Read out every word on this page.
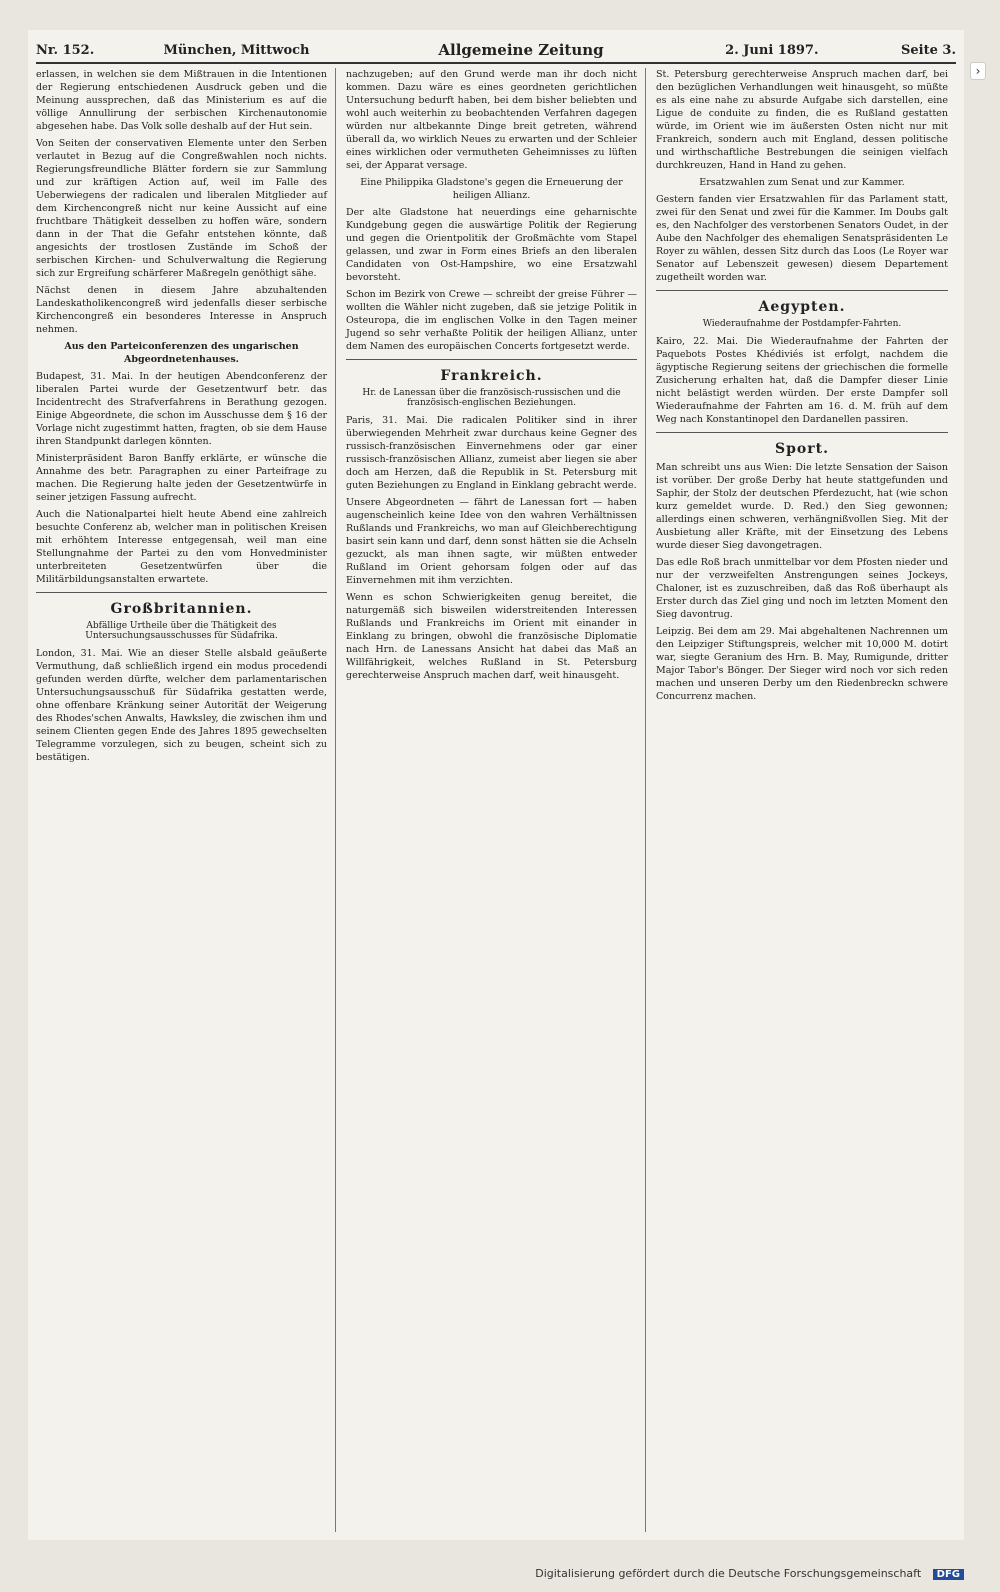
Nr. 152.	München, Mittwoch	Allgemeine Zeitung	2. Juni 1897.	Seite 3.
›

erlassen, in welchen sie dem Mißtrauen in die Intentionen der Regierung entschiedenen Ausdruck geben und die Meinung aussprechen, daß das Ministerium es auf die völlige Annullirung der serbischen Kirchenautonomie abgesehen habe. Das Volk solle deshalb auf der Hut sein.

Von Seiten der conservativen Elemente unter den Serben verlautet in Bezug auf die Congreßwahlen noch nichts. Regierungsfreundliche Blätter fordern sie zur Sammlung und zur kräftigen Action auf, weil im Falle des Ueberwiegens der radicalen und liberalen Mitglieder auf dem Kirchencongreß nicht nur keine Aussicht auf eine fruchtbare Thätigkeit desselben zu hoffen wäre, sondern dann in der That die Gefahr entstehen könnte, daß angesichts der trostlosen Zustände im Schoß der serbischen Kirchen- und Schulverwaltung die Regierung sich zur Ergreifung schärferer Maßregeln genöthigt sähe.

Nächst denen in diesem Jahre abzuhaltenden Landeskatholikencongreß wird jedenfalls dieser serbische Kirchencongreß ein besonderes Interesse in Anspruch nehmen.

Aus den Parteiconferenzen des ungarischen Abgeordnetenhauses.

Budapest, 31. Mai. In der heutigen Abendconferenz der liberalen Partei wurde der Gesetzentwurf betr. das Incidentrecht des Strafverfahrens in Berathung gezogen. Einige Abgeordnete, die schon im Ausschusse dem § 16 der Vorlage nicht zugestimmt hatten, fragten, ob sie dem Hause ihren Standpunkt darlegen könnten.

Ministerpräsident Baron Banffy erklärte, er wünsche die Annahme des betr. Paragraphen zu einer Parteifrage zu machen. Die Regierung halte jeden der Gesetzentwürfe in seiner jetzigen Fassung aufrecht.

Auch die Nationalpartei hielt heute Abend eine zahlreich besuchte Conferenz ab, welcher man in politischen Kreisen mit erhöhtem Interesse entgegensah, weil man eine Stellungnahme der Partei zu den vom Honvedminister unterbreiteten Gesetzentwürfen über die Militärbildungsanstalten erwartete.

Großbritannien.
Abfällige Urtheile über die Thätigkeit des Untersuchungsausschusses für Südafrika.

London, 31. Mai. Wie an dieser Stelle alsbald geäußerte Vermuthung, daß schließlich irgend ein modus procedendi gefunden werden dürfte, welcher dem parlamentarischen Untersuchungsausschuß für Südafrika gestatten werde, ohne offenbare Kränkung seiner Autorität der Weigerung des Rhodes'schen Anwalts, Hawksley, die zwischen ihm und seinem Clienten gegen Ende des Jahres 1895 gewechselten Telegramme vorzulegen, sich zu beugen, scheint sich zu bestätigen.

nachzugeben; auf den Grund werde man ihr doch nicht kommen. Dazu wäre es eines geordneten gerichtlichen Untersuchung bedurft haben, bei dem bisher beliebten und wohl auch weiterhin zu beobachtenden Verfahren dagegen würden nur altbekannte Dinge breit getreten, während überall da, wo wirklich Neues zu erwarten und der Schleier eines wirklichen oder vermutheten Geheimnisses zu lüften sei, der Apparat versage.

Eine Philippika Gladstone's gegen die Erneuerung der heiligen Allianz.

Der alte Gladstone hat neuerdings eine geharnischte Kundgebung gegen die auswärtige Politik der Regierung und gegen die Orientpolitik der Großmächte vom Stapel gelassen, und zwar in Form eines Briefs an den liberalen Candidaten von Ost-Hampshire, wo eine Ersatzwahl bevorsteht.

Schon im Bezirk von Crewe — schreibt der greise Führer — wollten die Wähler nicht zugeben, daß sie jetzige Politik in Osteuropa, die im englischen Volke in den Tagen meiner Jugend so sehr verhaßte Politik der heiligen Allianz, unter dem Namen des europäischen Concerts fortgesetzt werde.

Frankreich.
Hr. de Lanessan über die französisch-russischen und die französisch-englischen Beziehungen.

Paris, 31. Mai. Die radicalen Politiker sind in ihrer überwiegenden Mehrheit zwar durchaus keine Gegner des russisch-französischen Einvernehmens oder gar einer russisch-französischen Allianz, zumeist aber liegen sie aber doch am Herzen, daß die Republik in St. Petersburg mit guten Beziehungen zu England in Einklang gebracht werde.

Unsere Abgeordneten — fährt de Lanessan fort — haben augenscheinlich keine Idee von den wahren Verhältnissen Rußlands und Frankreichs, wo man auf Gleichberechtigung basirt sein kann und darf, denn sonst hätten sie die Achseln gezuckt, als man ihnen sagte, wir müßten entweder Rußland im Orient gehorsam folgen oder auf das Einvernehmen mit ihm verzichten.

Wenn es schon Schwierigkeiten genug bereitet, die naturgemäß sich bisweilen widerstreitenden Interessen Rußlands und Frankreichs im Orient mit einander in Einklang zu bringen, obwohl die französische Diplomatie nach Hrn. de Lanessans Ansicht hat dabei das Maß an Willfährigkeit, welches Rußland in St. Petersburg gerechterweise Anspruch machen darf, weit hinausgeht.

St. Petersburg gerechterweise Anspruch machen darf, bei den bezüglichen Verhandlungen weit hinausgeht, so müßte es als eine nahe zu absurde Aufgabe sich darstellen, eine Ligue de conduite zu finden, die es Rußland gestatten würde, im Orient wie im äußersten Osten nicht nur mit Frankreich, sondern auch mit England, dessen politische und wirthschaftliche Bestrebungen die seinigen vielfach durchkreuzen, Hand in Hand zu gehen.

Ersatzwahlen zum Senat und zur Kammer.

Gestern fanden vier Ersatzwahlen für das Parlament statt, zwei für den Senat und zwei für die Kammer. Im Doubs galt es, den Nachfolger des verstorbenen Senators Oudet, in der Aube den Nachfolger des ehemaligen Senatspräsidenten Le Royer zu wählen, dessen Sitz durch das Loos (Le Royer war Senator auf Lebenszeit gewesen) diesem Departement zugetheilt worden war.

Aegypten.
Wiederaufnahme der Postdampfer-Fahrten.

Kairo, 22. Mai. Die Wiederaufnahme der Fahrten der Paquebots Postes Khédiviés ist erfolgt, nachdem die ägyptische Regierung seitens der griechischen die formelle Zusicherung erhalten hat, daß die Dampfer dieser Linie nicht belästigt werden würden. Der erste Dampfer soll Wiederaufnahme der Fahrten am 16. d. M. früh auf dem Weg nach Konstantinopel den Dardanellen passiren.

Sport.

Man schreibt uns aus Wien: Die letzte Sensation der Saison ist vorüber. Der große Derby hat heute stattgefunden und Saphir, der Stolz der deutschen Pferdezucht, hat (wie schon kurz gemeldet wurde. D. Red.) den Sieg gewonnen; allerdings einen schweren, verhängnißvollen Sieg. Mit der Ausbietung aller Kräfte, mit der Einsetzung des Lebens wurde dieser Sieg davongetragen.

Das edle Roß brach unmittelbar vor dem Pfosten nieder und nur der verzweifelten Anstrengungen seines Jockeys, Chaloner, ist es zuzuschreiben, daß das Roß überhaupt als Erster durch das Ziel ging und noch im letzten Moment den Sieg davontrug.

Leipzig. Bei dem am 29. Mai abgehaltenen Nachrennen um den Leipziger Stiftungspreis, welcher mit 10,000 M. dotirt war, siegte Geranium des Hrn. B. May, Rumigunde, dritter Major Tabor's Bönger. Der Sieger wird noch vor sich reden machen und unseren Derby um den Riedenbreckn schwere Concurrenz machen.

Digitalisierung gefördert durch die Deutsche Forschungsgemeinschaft DFG
